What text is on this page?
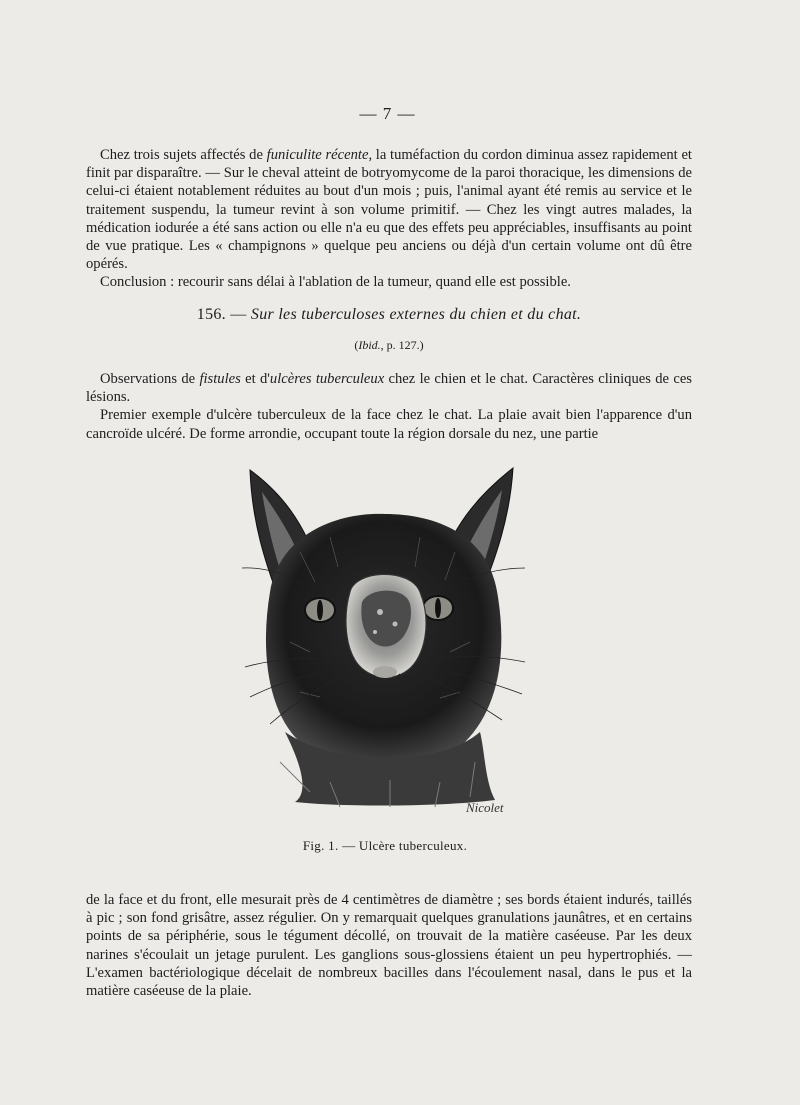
— 7 —

Chez trois sujets affectés de funiculite récente, la tuméfaction du cordon diminua assez rapidement et finit par disparaître. — Sur le cheval atteint de botryomycome de la paroi thoracique, les dimensions de celui-ci étaient notablement réduites au bout d'un mois ; puis, l'animal ayant été remis au service et le traitement suspendu, la tumeur revint à son volume primitif. — Chez les vingt autres malades, la médication iodurée a été sans action ou elle n'a eu que des effets peu appréciables, insuffisants au point de vue pratique. Les « champignons » quelque peu anciens ou déjà d'un certain volume ont dû être opérés.

Conclusion : recourir sans délai à l'ablation de la tumeur, quand elle est possible.

156. — Sur les tuberculoses externes du chien et du chat.
(Ibid., p. 127.)

Observations de fistules et d'ulcères tuberculeux chez le chien et le chat. Caractères cliniques de ces lésions.

Premier exemple d'ulcère tuberculeux de la face chez le chat. La plaie avait bien l'apparence d'un cancroïde ulcéré. De forme arrondie, occupant toute la région dorsale du nez, une partie

Nicolet
Fig. 1. — Ulcère tuberculeux.

de la face et du front, elle mesurait près de 4 centimètres de diamètre ; ses bords étaient indurés, taillés à pic ; son fond grisâtre, assez régulier. On y remarquait quelques granulations jaunâtres, et en certains points de sa périphérie, sous le tégument décollé, on trouvait de la matière caséeuse. Par les deux narines s'écoulait un jetage purulent. Les ganglions sous-glossiens étaient un peu hypertrophiés. — L'examen bactériologique décelait de nombreux bacilles dans l'écoulement nasal, dans le pus et la matière caséeuse de la plaie.
